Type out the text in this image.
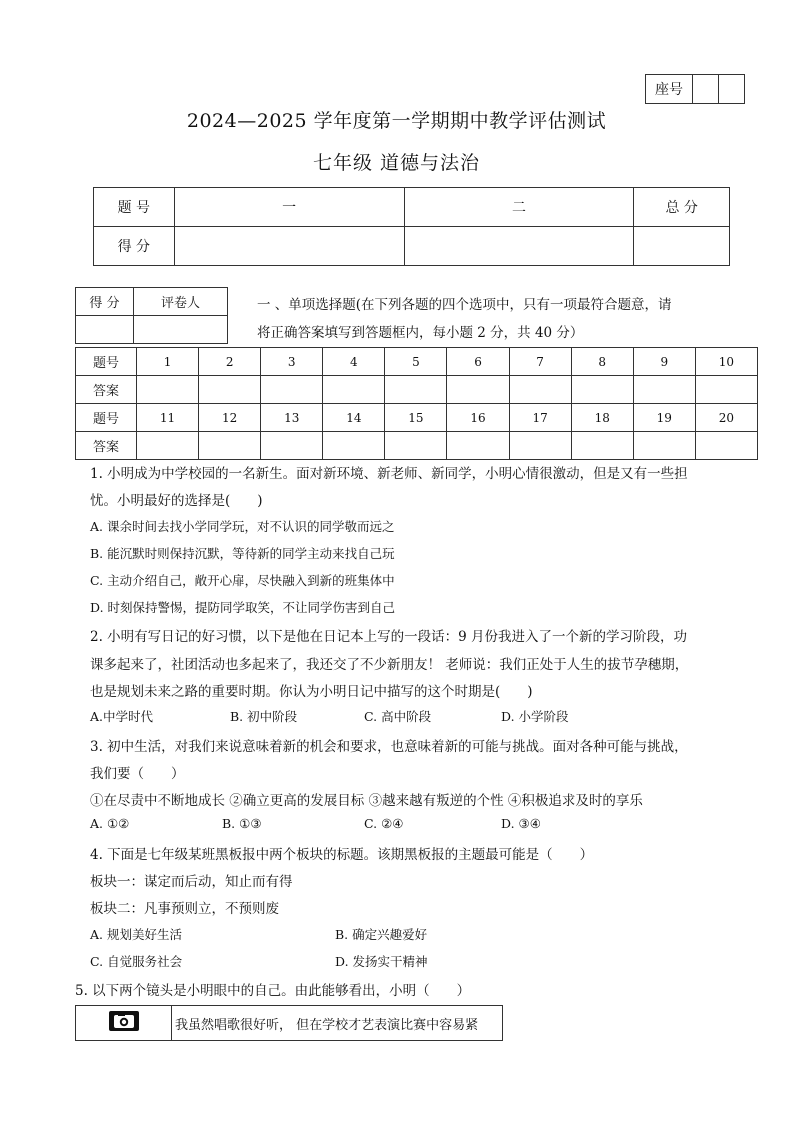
座号		
2024—2025 学年度第一学期期中教学评估测试
七年级 道德与法治
题 号	一	二	总 分
得 分			
得 分	评卷人
		一 、单项选择题(在下列各题的四个选项中，只有一项最符合题意，请
将正确答案填写到答题框内，每小题 2 分，共 40 分）
题号	1	2	3	4	5	6	7	8	9	10
答案										
题号	11	12	13	14	15	16	17	18	19	20
答案										
1. 小明成为中学校园的一名新生。面对新环境、新老师、新同学，小明心情很激动，但是又有一些担
忧。小明最好的选择是(　　)
A. 课余时间去找小学同学玩，对不认识的同学敬而远之
B. 能沉默时则保持沉默，等待新的同学主动来找自己玩
C. 主动介绍自己，敞开心扉，尽快融入到新的班集体中
D. 时刻保持警惕，提防同学取笑，不让同学伤害到自己
2. 小明有写日记的好习惯，以下是他在日记本上写的一段话：9 月份我进入了一个新的学习阶段，功
课多起来了，社团活动也多起来了，我还交了不少新朋友！ 老师说：我们正处于人生的拔节孕穗期，
也是规划未来之路的重要时期。你认为小明日记中描写的这个时期是(　　)
A.中学时代	B. 初中阶段	C. 高中阶段	D. 小学阶段
3. 初中生活，对我们来说意味着新的机会和要求，也意味着新的可能与挑战。面对各种可能与挑战，
我们要（　　）
①在尽责中不断地成长 ②确立更高的发展目标 ③越来越有叛逆的个性 ④积极追求及时的享乐
A. ①②	B. ①③	C. ②④	D. ③④
4. 下面是七年级某班黑板报中两个板块的标题。该期黑板报的主题最可能是（　　）
板块一：谋定而后动，知止而有得
板块二：凡事预则立，不预则废
A. 规划美好生活	B. 确定兴趣爱好
C. 自觉服务社会	D. 发扬实干精神
5. 以下两个镜头是小明眼中的自己。由此能够看出，小明（　　）
	我虽然唱歌很好听， 但在学校才艺表演比赛中容易紧
